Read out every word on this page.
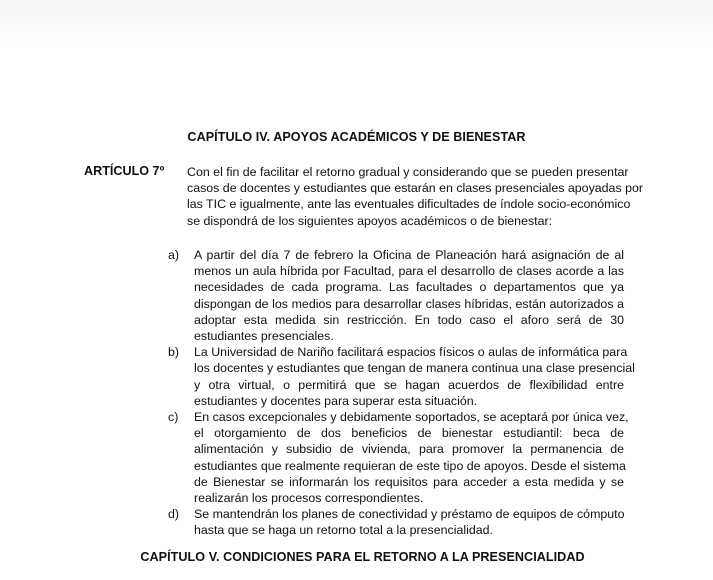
CAPÍTULO IV. APOYOS ACADÉMICOS Y DE BIENESTAR
ARTÍCULO 7º Con el fin de facilitar el retorno gradual y considerando que se pueden presentar
casos de docentes y estudiantes que estarán en clases presenciales apoyadas por
las TIC e igualmente, ante las eventuales dificultades de índole socio-económico
se dispondrá de los siguientes apoyos académicos o de bienestar:
a) A partir del día 7 de febrero la Oficina de Planeación hará asignación de al
menos un aula híbrida por Facultad, para el desarrollo de clases acorde a las
necesidades de cada programa. Las facultades o departamentos que ya
dispongan de los medios para desarrollar clases híbridas, están autorizados a
adoptar esta medida sin restricción. En todo caso el aforo será de 30
estudiantes presenciales.
b) La Universidad de Nariño facilitará espacios físicos o aulas de informática para
los docentes y estudiantes que tengan de manera continua una clase presencial
y otra virtual, o permitirá que se hagan acuerdos de flexibilidad entre
estudiantes y docentes para superar esta situación.
c) En casos excepcionales y debidamente soportados, se aceptará por única vez,
el otorgamiento de dos beneficios de bienestar estudiantil: beca de
alimentación y subsidio de vivienda, para promover la permanencia de
estudiantes que realmente requieran de este tipo de apoyos. Desde el sistema
de Bienestar se informarán los requisitos para acceder a esta medida y se
realizarán los procesos correspondientes.
d) Se mantendrán los planes de conectividad y préstamo de equipos de cómputo
hasta que se haga un retorno total a la presencialidad.
CAPÍTULO V. CONDICIONES PARA EL RETORNO A LA PRESENCIALIDAD
